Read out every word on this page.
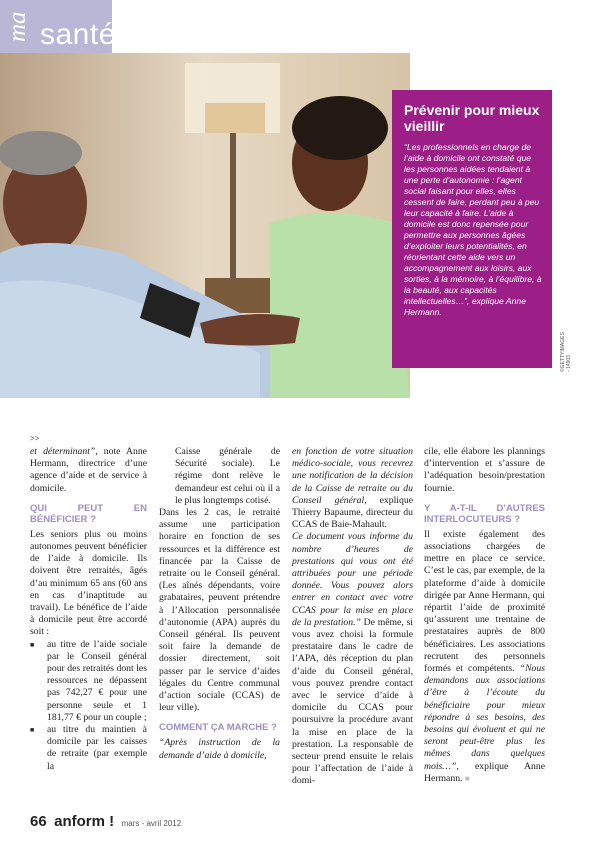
ma santé
Prévenir pour mieux vieillir

“Les professionnels en charge de l’aide à domicile ont constaté que les personnes aidées tendaient à une perte d’autonomie : l’agent social faisant pour elles, elles cessent de faire, perdant peu à peu leur capacité à faire. L’aide à domicile est donc repensée pour permettre aux personnes âgées d’exploiter leurs potentialités, en réorientant cette aide vers un accompagnement aux loisirs, aux sorties, à la mémoire, à l’équilibre, à la beauté, aux capacités intellectuelles…”, explique Anne Hermann.

©GETTYIMAGES - 14903
>>

et déterminant”, note Anne Hermann, directrice d’une agence d’aide et de service à domicile.

QUI PEUT EN BÉNÉFICIER ?

Les seniors plus ou moins autonomes peuvent bénéficier de l’aide à domicile. Ils doivent être retraités, âgés d’au minimum 65 ans (60 ans en cas d’inaptitude au travail). Le bénéfice de l’aide à domicile peut être accordé soit :

■ au titre de l’aide sociale par le Conseil général pour des retraités dont les ressources ne dépassent pas 742,27 € pour une personne seule et 1 181,77 € pour un couple ;
■ au titre du maintien à domicile par les caisses de retraite (par exemple la

Caisse générale de Sécurité sociale). Le régime dont relève le demandeur est celui où il a le plus longtemps cotisé.

Dans les 2 cas, le retraité assume une participation horaire en fonction de ses ressources et la différence est financée par la Caisse de retraite ou le Conseil général. (Les aînés dépendants, voire grabataires, peuvent prétendre à l’Allocation personnalisée d’autonomie (APA) auprès du Conseil général. Ils peuvent soit faire la demande de dossier directement, soit passer par le service d’aides légales du Centre communal d’action sociale (CCAS) de leur ville).

COMMENT ÇA MARCHE ?

“Après instruction de la demande d’aide à domicile,

en fonction de votre situation médico-sociale, vous recevrez une notification de la décision de la Caisse de retraite ou du Conseil général, explique Thierry Bapaume, directeur du CCAS de Baie-Mahault.

Ce document vous informe du nombre d’heures de prestations qui vous ont été attribuées pour une période donnée. Vous pouvez alors entrer en contact avec votre CCAS pour la mise en place de la prestation.” De même, si vous avez choisi la formule prestataire dans le cadre de l’APA, dès réception du plan d’aide du Conseil général, vous pouvez prendre contact avec le service d’aide à domicile du CCAS pour poursuivre la procédure avant la mise en place de la prestation. La responsable de secteur prend ensuite le relais pour l’affectation de l’aide à domi-

cile, elle élabore les plannings d’intervention et s’assure de l’adéquation besoin/prestation fournie.

Y A-T-IL D’AUTRES INTERLOCUTEURS ?

Il existe également des associations chargées de mettre en place ce service. C’est le cas, par exemple, de la plateforme d’aide à domicile dirigée par Anne Hermann, qui répartit l’aide de proximité qu’assurent une trentaine de prestataires auprès de 800 bénéficiaires. Les associations recrutent des personnels formés et compétents. “Nous demandons aux associations d’être à l’écoute du bénéficiaire pour mieux répondre à ses besoins, des besoins qui évoluent et qui ne seront peut-être plus les mêmes dans quelques mois…”, explique Anne Hermann. ■

66 anform ! mars - avril 2012
